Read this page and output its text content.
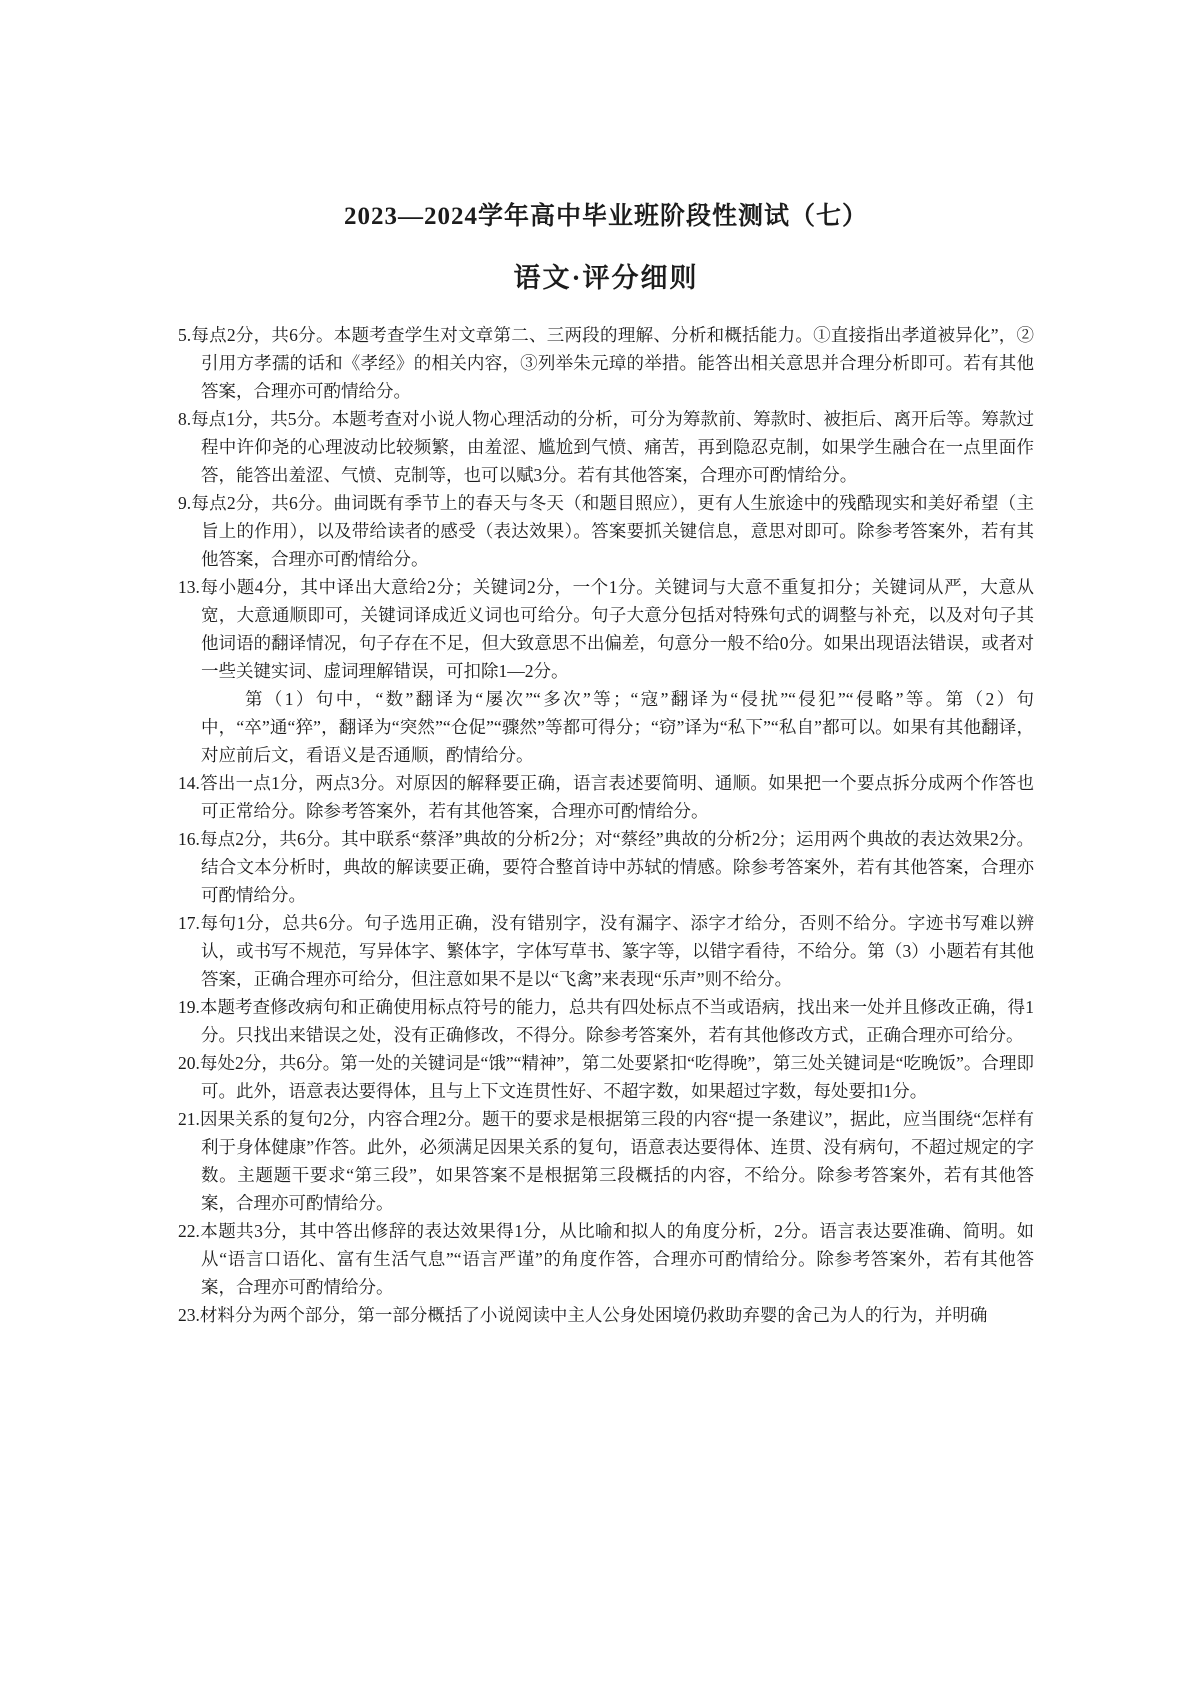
2023—2024学年高中毕业班阶段性测试（七）
语文·评分细则

5.每点2分，共6分。本题考查学生对文章第二、三两段的理解、分析和概括能力。①直接指出孝道被异化”，②引用方孝孺的话和《孝经》的相关内容，③列举朱元璋的举措。能答出相关意思并合理分析即可。若有其他答案，合理亦可酌情给分。

8.每点1分，共5分。本题考查对小说人物心理活动的分析，可分为筹款前、筹款时、被拒后、离开后等。筹款过程中许仰尧的心理波动比较频繁，由羞涩、尴尬到气愤、痛苦，再到隐忍克制，如果学生融合在一点里面作答，能答出羞涩、气愤、克制等，也可以赋3分。若有其他答案，合理亦可酌情给分。

9.每点2分，共6分。曲词既有季节上的春天与冬天（和题目照应），更有人生旅途中的残酷现实和美好希望（主旨上的作用），以及带给读者的感受（表达效果）。答案要抓关键信息，意思对即可。除参考答案外，若有其他答案，合理亦可酌情给分。

13.每小题4分，其中译出大意给2分；关键词2分，一个1分。关键词与大意不重复扣分；关键词从严，大意从宽，大意通顺即可，关键词译成近义词也可给分。句子大意分包括对特殊句式的调整与补充，以及对句子其他词语的翻译情况，句子存在不足，但大致意思不出偏差，句意分一般不给0分。如果出现语法错误，或者对一些关键实词、虚词理解错误，可扣除1—2分。

第（1）句中，“数”翻译为“屡次”“多次”等；“寇”翻译为“侵扰”“侵犯”“侵略”等。第（2）句中，“卒”通“猝”，翻译为“突然”“仓促”“骤然”等都可得分；“窃”译为“私下”“私自”都可以。如果有其他翻译，对应前后文，看语义是否通顺，酌情给分。

14.答出一点1分，两点3分。对原因的解释要正确，语言表述要简明、通顺。如果把一个要点拆分成两个作答也可正常给分。除参考答案外，若有其他答案，合理亦可酌情给分。

16.每点2分，共6分。其中联系“蔡泽”典故的分析2分；对“蔡经”典故的分析2分；运用两个典故的表达效果2分。结合文本分析时，典故的解读要正确，要符合整首诗中苏轼的情感。除参考答案外，若有其他答案，合理亦可酌情给分。

17.每句1分，总共6分。句子选用正确，没有错别字，没有漏字、添字才给分，否则不给分。字迹书写难以辨认，或书写不规范，写异体字、繁体字，字体写草书、篆字等，以错字看待，不给分。第（3）小题若有其他答案，正确合理亦可给分，但注意如果不是以“飞禽”来表现“乐声”则不给分。

19.本题考查修改病句和正确使用标点符号的能力，总共有四处标点不当或语病，找出来一处并且修改正确，得1分。只找出来错误之处，没有正确修改，不得分。除参考答案外，若有其他修改方式，正确合理亦可给分。

20.每处2分，共6分。第一处的关键词是“饿”“精神”，第二处要紧扣“吃得晚”，第三处关键词是“吃晚饭”。合理即可。此外，语意表达要得体，且与上下文连贯性好、不超字数，如果超过字数，每处要扣1分。

21.因果关系的复句2分，内容合理2分。题干的要求是根据第三段的内容“提一条建议”，据此，应当围绕“怎样有利于身体健康”作答。此外，必须满足因果关系的复句，语意表达要得体、连贯、没有病句，不超过规定的字数。主题题干要求“第三段”，如果答案不是根据第三段概括的内容，不给分。除参考答案外，若有其他答案，合理亦可酌情给分。

22.本题共3分，其中答出修辞的表达效果得1分，从比喻和拟人的角度分析，2分。语言表达要准确、简明。如从“语言口语化、富有生活气息”“语言严谨”的角度作答，合理亦可酌情给分。除参考答案外，若有其他答案，合理亦可酌情给分。

23.材料分为两个部分，第一部分概括了小说阅读中主人公身处困境仍救助弃婴的舍己为人的行为，并明确
